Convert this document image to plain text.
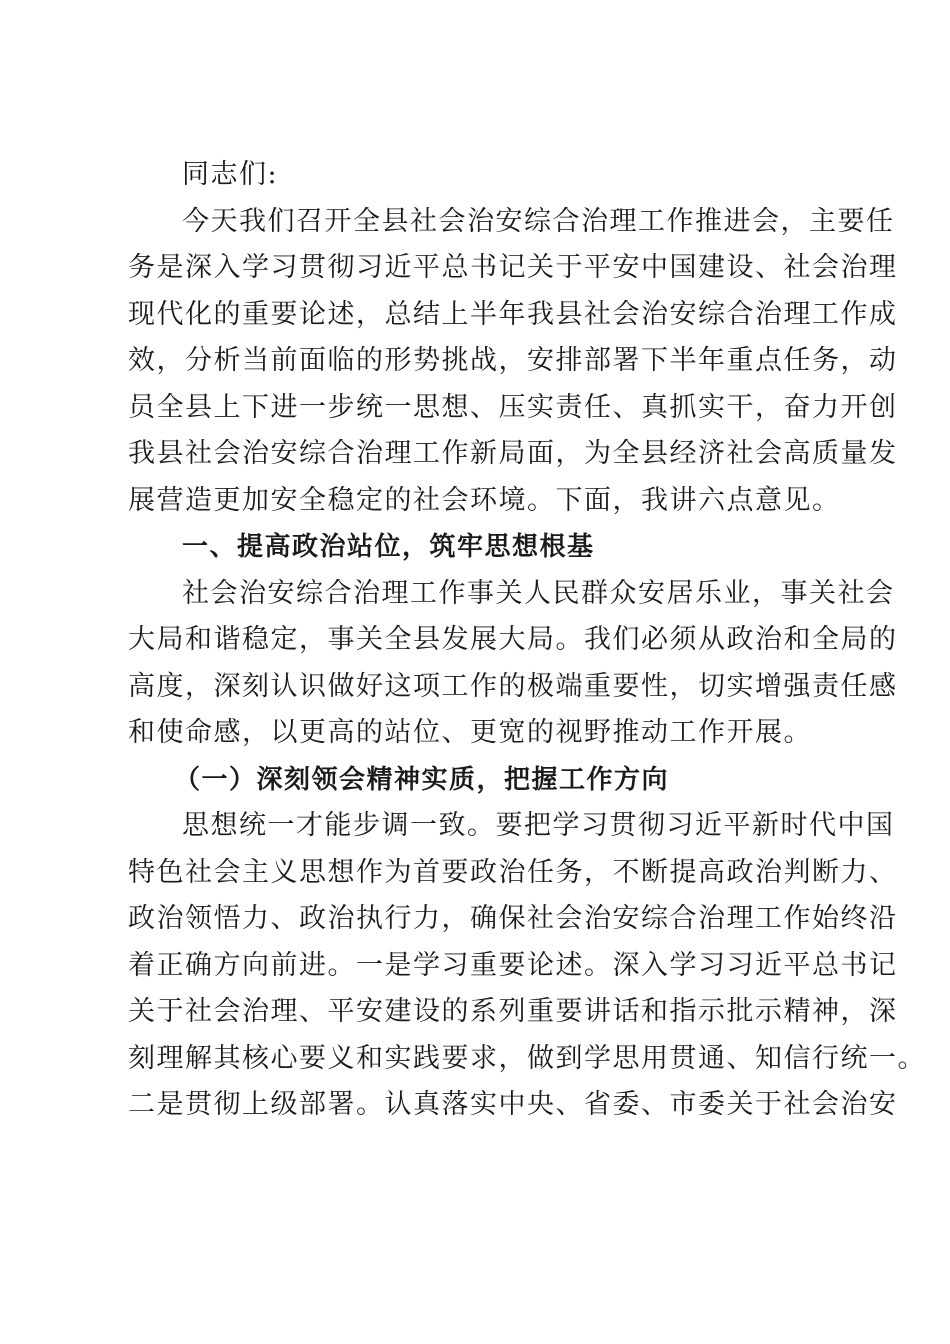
同志们:

今天我们召开全县社会治安综合治理工作推进会，主要任
务是深入学习贯彻习近平总书记关于平安中国建设、社会治理
现代化的重要论述，总结上半年我县社会治安综合治理工作成
效，分析当前面临的形势挑战，安排部署下半年重点任务，动
员全县上下进一步统一思想、压实责任、真抓实干，奋力开创
我县社会治安综合治理工作新局面，为全县经济社会高质量发
展营造更加安全稳定的社会环境。下面，我讲六点意见。

一、提高政治站位，筑牢思想根基

社会治安综合治理工作事关人民群众安居乐业，事关社会
大局和谐稳定，事关全县发展大局。我们必须从政治和全局的
高度，深刻认识做好这项工作的极端重要性，切实增强责任感
和使命感，以更高的站位、更宽的视野推动工作开展。

（一）深刻领会精神实质，把握工作方向

思想统一才能步调一致。要把学习贯彻习近平新时代中国
特色社会主义思想作为首要政治任务，不断提高政治判断力、
政治领悟力、政治执行力，确保社会治安综合治理工作始终沿
着正确方向前进。一是学习重要论述。深入学习习近平总书记
关于社会治理、平安建设的系列重要讲话和指示批示精神，深
刻理解其核心要义和实践要求，做到学思用贯通、知信行统一。
二是贯彻上级部署。认真落实中央、省委、市委关于社会治安
